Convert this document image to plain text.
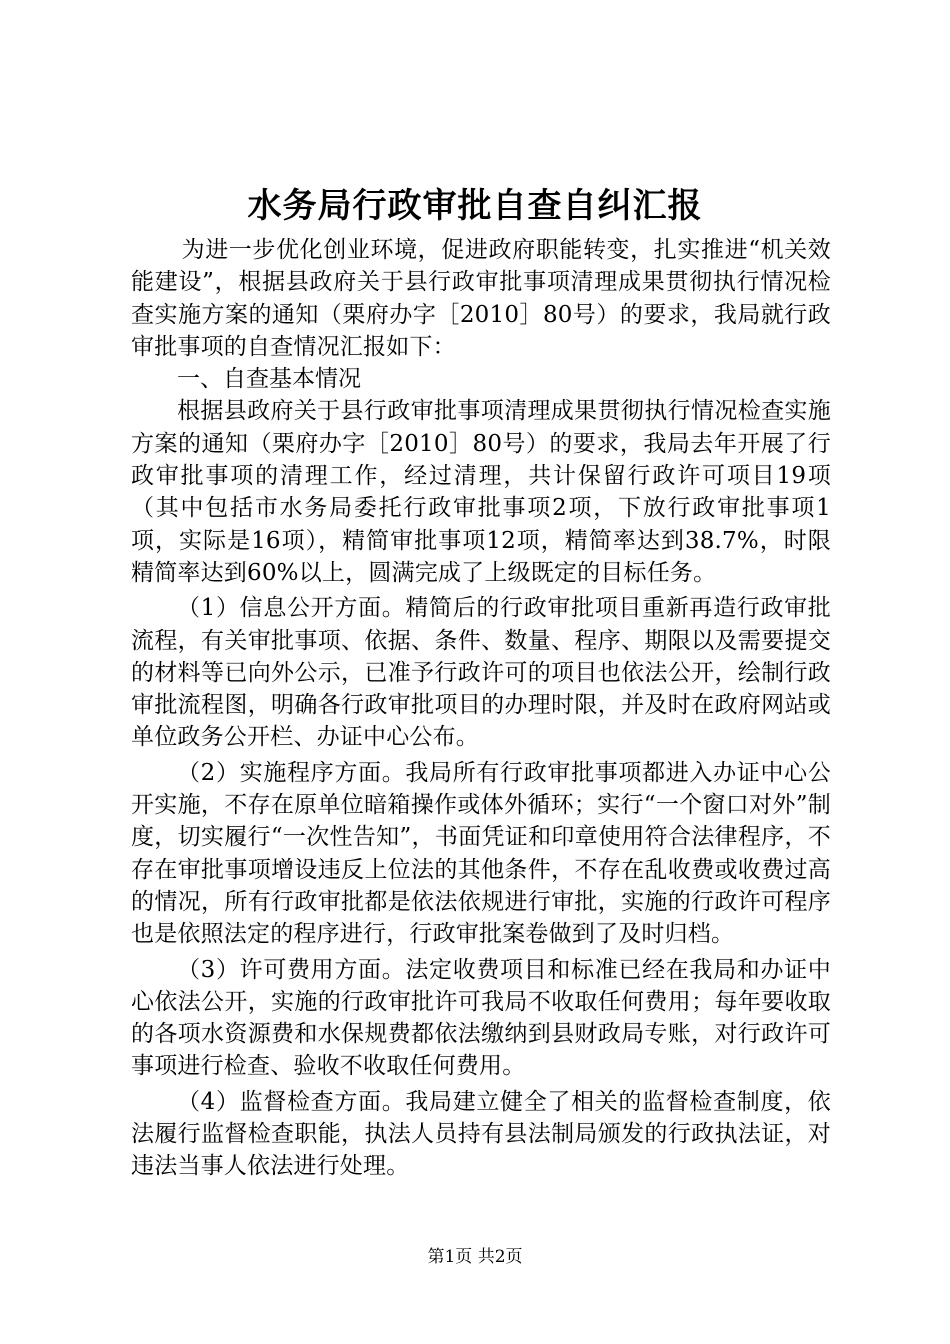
水务局行政审批自查自纠汇报

为进一步优化创业环境，促进政府职能转变，扎实推进“机关效能建设”，根据县政府关于县行政审批事项清理成果贯彻执行情况检查实施方案的通知（栗府办字［2010］80号）的要求，我局就行政审批事项的自查情况汇报如下：

一、自查基本情况

根据县政府关于县行政审批事项清理成果贯彻执行情况检查实施方案的通知（栗府办字［2010］80号）的要求，我局去年开展了行政审批事项的清理工作，经过清理，共计保留行政许可项目19项（其中包括市水务局委托行政审批事项2项，下放行政审批事项1项，实际是16项），精简审批事项12项，精简率达到38.7%，时限精简率达到60%以上，圆满完成了上级既定的目标任务。

（1）信息公开方面。精简后的行政审批项目重新再造行政审批流程，有关审批事项、依据、条件、数量、程序、期限以及需要提交的材料等已向外公示，已准予行政许可的项目也依法公开，绘制行政审批流程图，明确各行政审批项目的办理时限，并及时在政府网站或单位政务公开栏、办证中心公布。

（2）实施程序方面。我局所有行政审批事项都进入办证中心公开实施，不存在原单位暗箱操作或体外循环；实行“一个窗口对外”制度，切实履行“一次性告知”，书面凭证和印章使用符合法律程序，不存在审批事项增设违反上位法的其他条件，不存在乱收费或收费过高的情况，所有行政审批都是依法依规进行审批，实施的行政许可程序也是依照法定的程序进行，行政审批案卷做到了及时归档。

（3）许可费用方面。法定收费项目和标准已经在我局和办证中心依法公开，实施的行政审批许可我局不收取任何费用；每年要收取的各项水资源费和水保规费都依法缴纳到县财政局专账，对行政许可事项进行检查、验收不收取任何费用。

（4）监督检查方面。我局建立健全了相关的监督检查制度，依法履行监督检查职能，执法人员持有县法制局颁发的行政执法证，对违法当事人依法进行处理。

第1页 共2页
